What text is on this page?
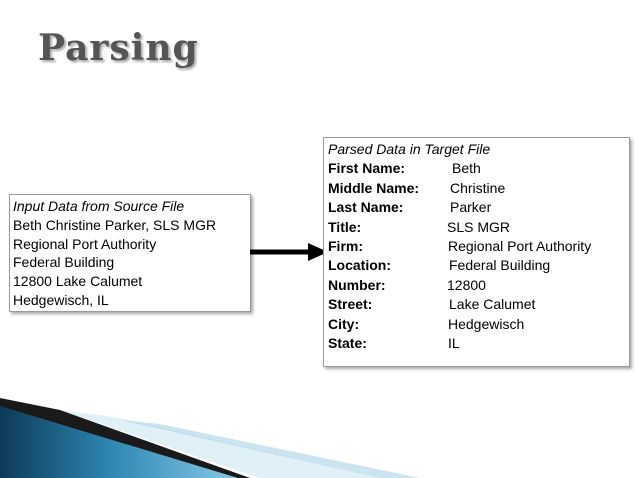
Parsing
Input Data from Source File
Beth Christine Parker, SLS MGR
Regional Port Authority
Federal Building
12800 Lake Calumet
Hedgewisch, IL
Parsed Data in Target File
First Name:	Beth
Middle Name: Christine
Last Name:	Parker
Title:	SLS MGR
Firm:	Regional Port Authority
Location:	Federal Building
Number:	12800
Street:	Lake Calumet
City:	Hedgewisch
State:	IL
